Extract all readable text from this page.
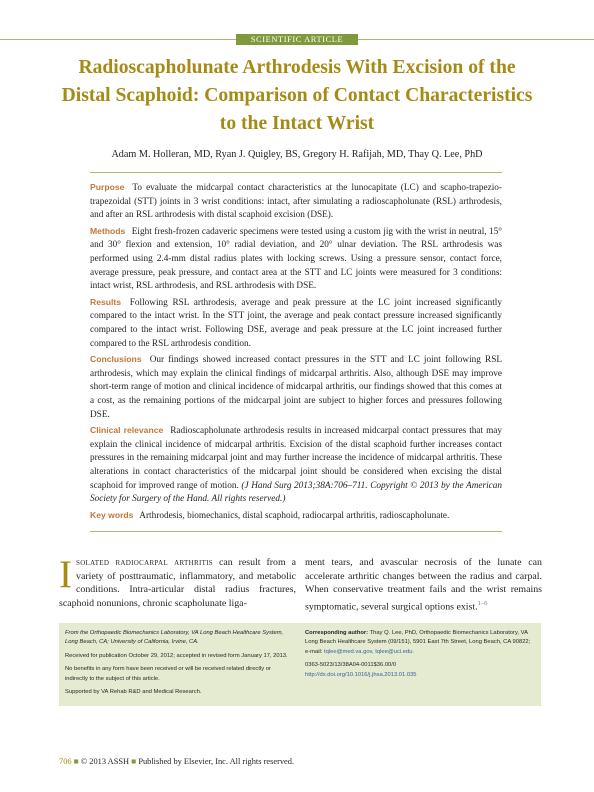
SCIENTIFIC ARTICLE
Radioscapholunate Arthrodesis With Excision of the
Distal Scaphoid: Comparison of Contact Characteristics
to the Intact Wrist
Adam M. Holleran, MD, Ryan J. Quigley, BS, Gregory H. Rafijah, MD, Thay Q. Lee, PhD

Purpose To evaluate the midcarpal contact characteristics at the lunocapitate (LC) and scapho-trapezio-trapezoidal (STT) joints in 3 wrist conditions: intact, after simulating a radioscapholunate (RSL) arthrodesis, and after an RSL arthrodesis with distal scaphoid excision (DSE).

Methods Eight fresh-frozen cadaveric specimens were tested using a custom jig with the wrist in neutral, 15° and 30° flexion and extension, 10° radial deviation, and 20° ulnar deviation. The RSL arthrodesis was performed using 2.4-mm distal radius plates with locking screws. Using a pressure sensor, contact force, average pressure, peak pressure, and contact area at the STT and LC joints were measured for 3 conditions: intact wrist, RSL arthrodesis, and RSL arthrodesis with DSE.

Results Following RSL arthrodesis, average and peak pressure at the LC joint increased significantly compared to the intact wrist. In the STT joint, the average and peak contact pressure increased significantly compared to the intact wrist. Following DSE, average and peak pressure at the LC joint increased further compared to the RSL arthrodesis condition.

Conclusions Our findings showed increased contact pressures in the STT and LC joint following RSL arthrodesis, which may explain the clinical findings of midcarpal arthritis. Also, although DSE may improve short-term range of motion and clinical incidence of midcarpal arthritis, our findings showed that this comes at a cost, as the remaining portions of the midcarpal joint are subject to higher forces and pressures following DSE.

Clinical relevance Radioscapholunate arthrodesis results in increased midcarpal contact pressures that may explain the clinical incidence of midcarpal arthritis. Excision of the distal scaphoid further increases contact pressures in the remaining midcarpal joint and may further increase the incidence of midcarpal arthritis. These alterations in contact characteristics of the midcarpal joint should be considered when excising the distal scaphoid for improved range of motion. (J Hand Surg 2013;38A:706–711. Copyright © 2013 by the American Society for Surgery of the Hand. All rights reserved.)

Key words Arthrodesis, biomechanics, distal scaphoid, radiocarpal arthritis, radioscapholunate.

Isolated radiocarpal arthritis can result from a variety of posttraumatic, inflammatory, and metabolic conditions. Intra-articular distal radius fractures, scaphoid nonunions, chronic scapholunate liga-
ment tears, and avascular necrosis of the lunate can accelerate arthritic changes between the radius and carpal. When conservative treatment fails and the wrist remains symptomatic, several surgical options exist.$^{1-6}$

From the Orthopaedic Biomechanics Laboratory, VA Long Beach Healthcare System, Long Beach, CA; University of California, Irvine, CA.

Received for publication October 29, 2012; accepted in revised form January 17, 2013.

No benefits in any form have been received or will be received related directly or indirectly to the subject of this article.

Supported by VA Rehab R&D and Medical Research.

Corresponding author: Thay Q. Lee, PhD, Orthopaedic Biomechanics Laboratory, VA Long Beach Healthcare System (09/151), 5901 East 7th Street, Long Beach, CA 90822; e-mail: tqlee@med.va.gov, tqlee@uci.edu.

0363-5023/13/38A04-0011$36.00/0

http://dx.doi.org/10.1016/j.jhsa.2013.01.035

706 ■ © 2013 ASSH ■ Published by Elsevier, Inc. All rights reserved.
